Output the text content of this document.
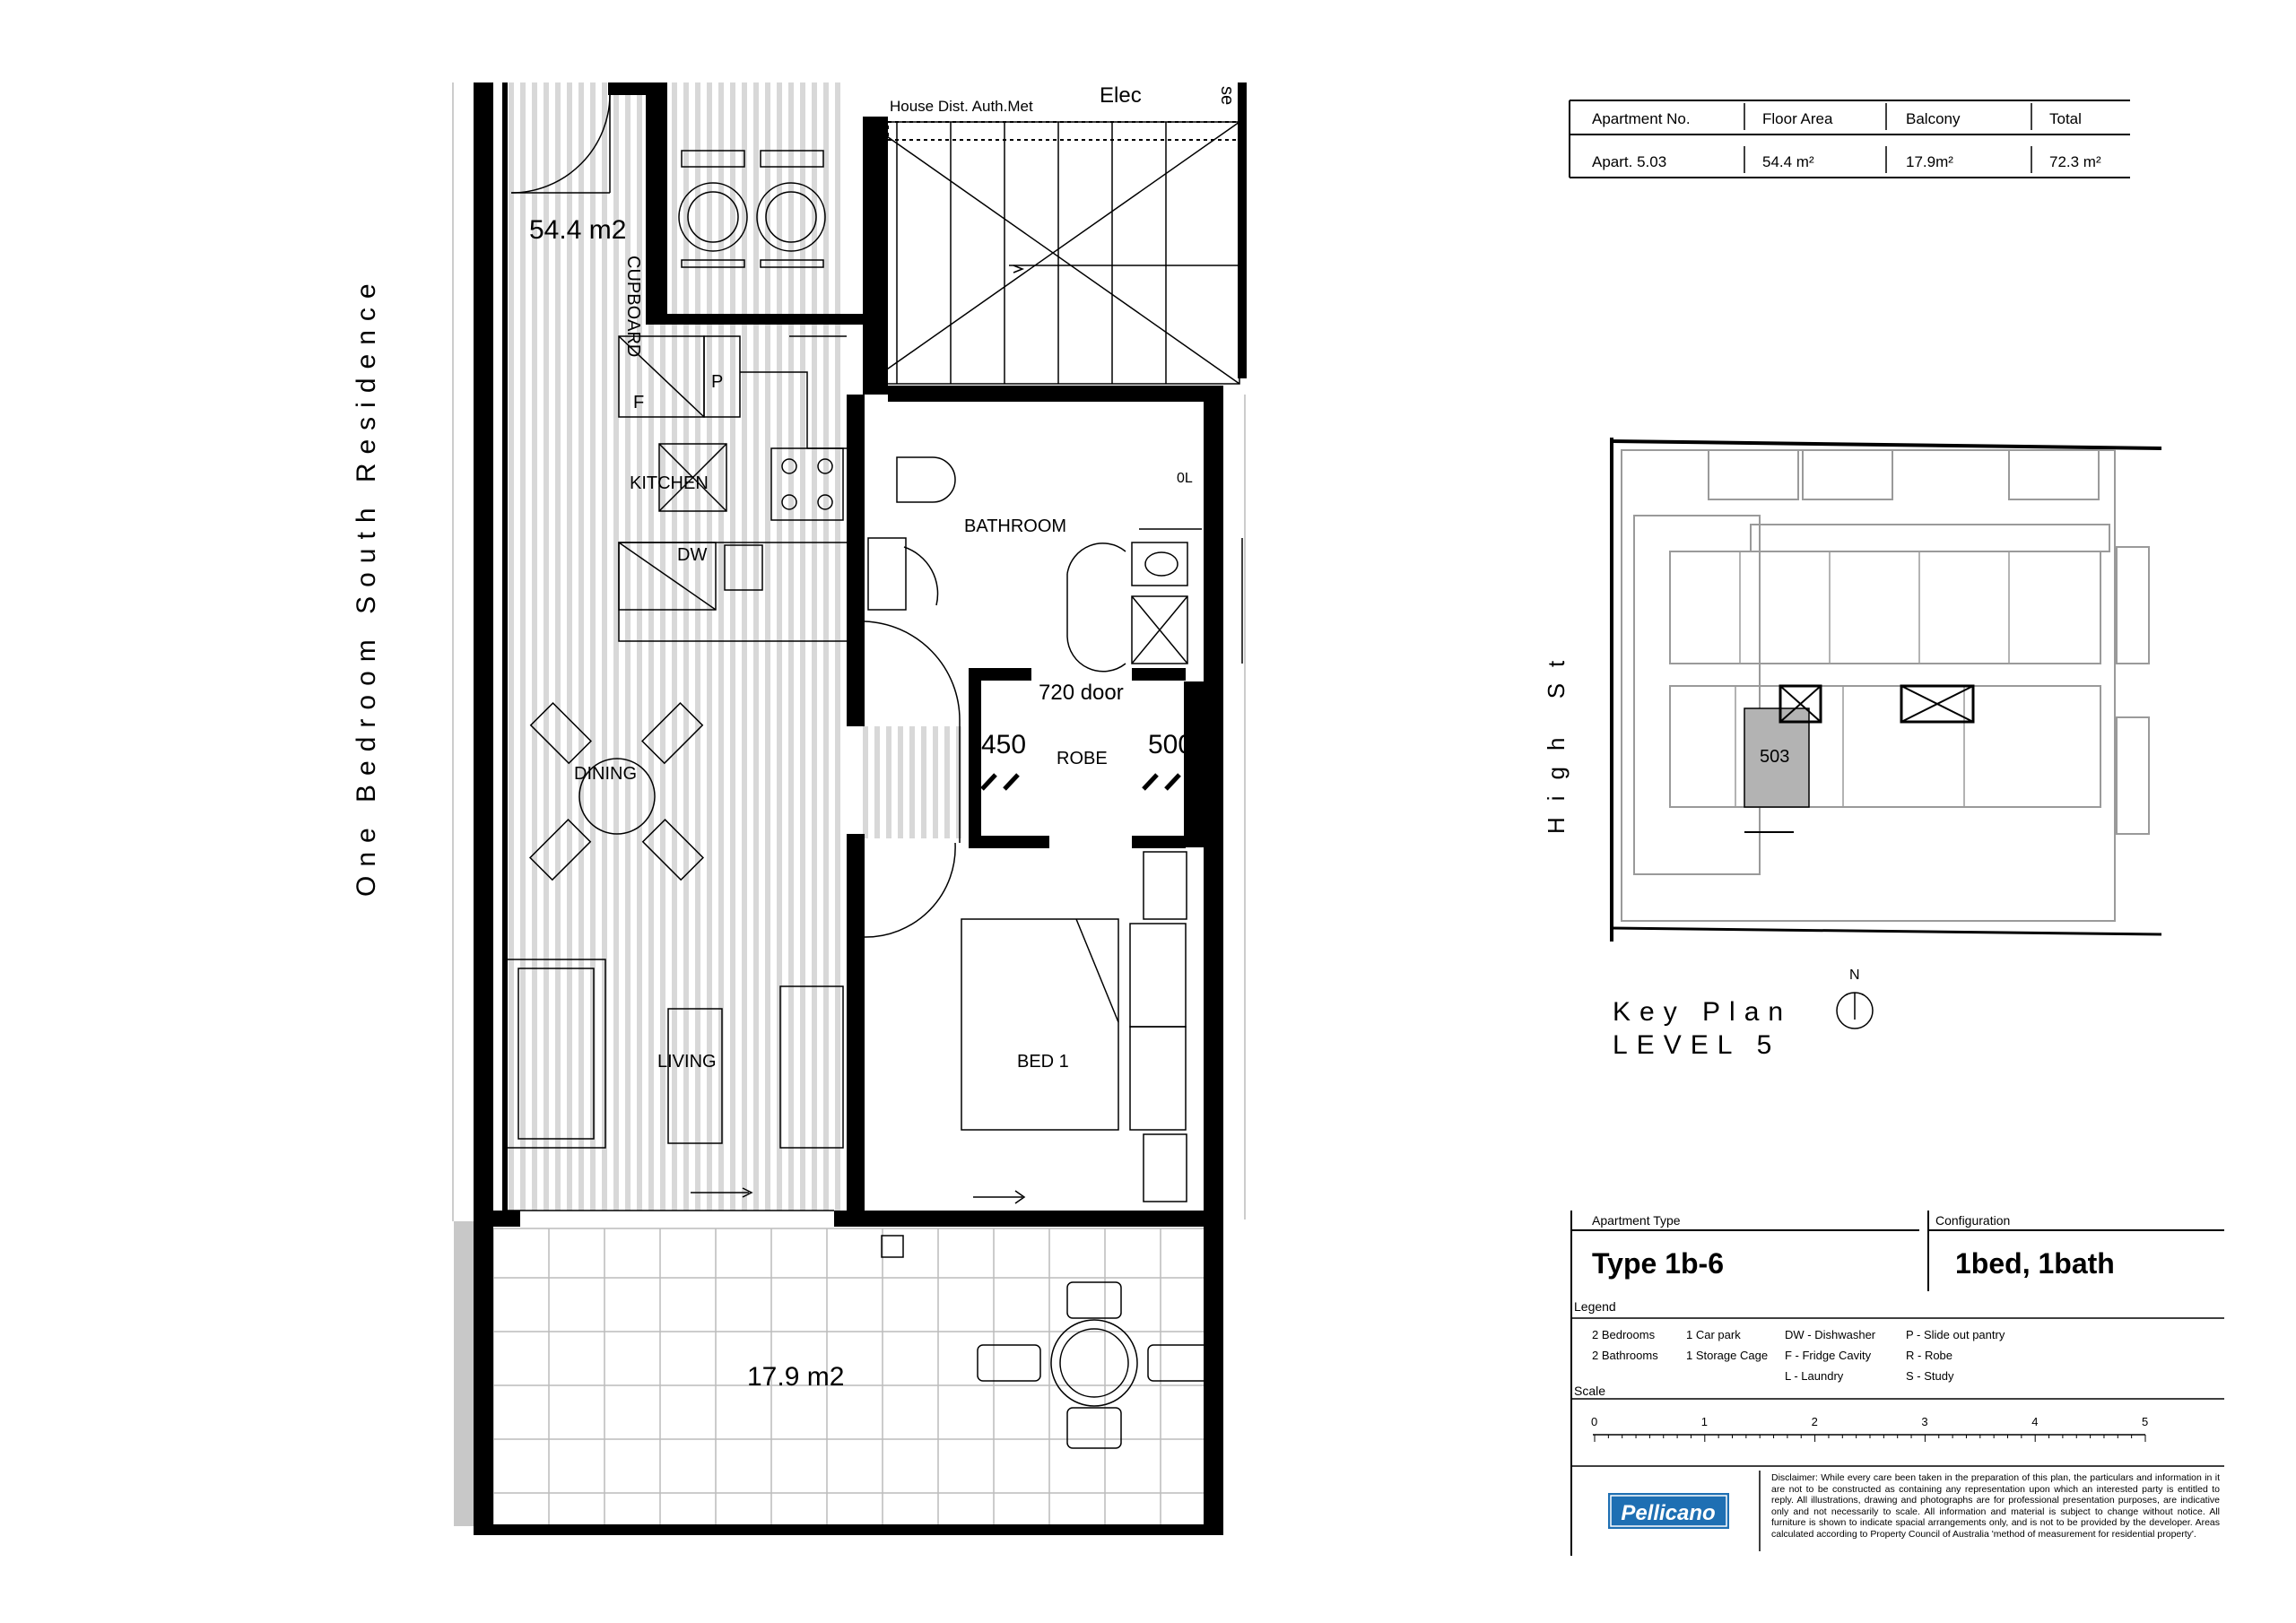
One Bedroom South Residence
54.4 m2
17.9 m2
CUPBOARD
KITCHEN
DW
F
P
BATHROOM
DINING
LIVING
ROBE
BED 1
0L
720 door
450	500
House Dist. Auth.Met	Elec	se
Apartment No.	Floor Area	Balcony	Total
Apart. 5.03	54.4 m²	17.9m²	72.3 m²
503
High St
N
Key Plan
LEVEL 5
Apartment Type
Type 1b-6
Configuration
1bed, 1bath
Legend
2 Bedrooms
2 Bathrooms
1 Car park
1 Storage Cage
DW - Dishwasher
F - Fridge Cavity
L - Laundry
P - Slide out pantry
R - Robe
S - Study
Scale
0	1	2	3	4	5
Pellicano
Disclaimer: While every care been taken in the preparation of this plan, the particulars and information in it are not to be constructed as containing any representation upon which an interested party is entitled to reply. All illustrations, drawing and photographs are for professional presentation purposes, are indicative only and not necessarily to scale. All information and material is subject to change without notice. All furniture is shown to indicate spacial arrangements only, and is not to be provided by the developer. Areas calculated according to Property Council of Australia 'method of measurement for residential property'.
